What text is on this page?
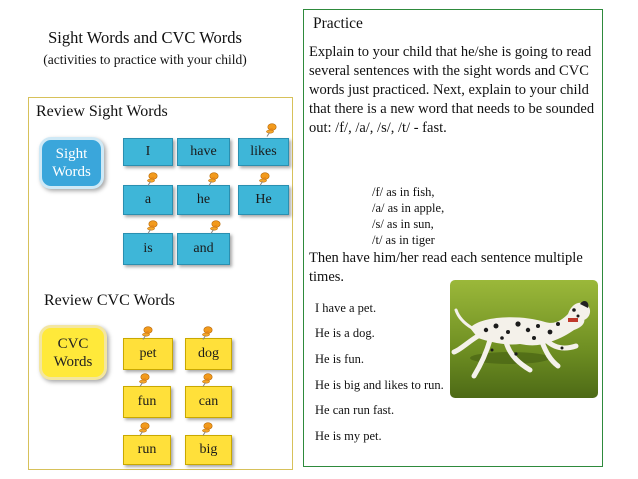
Sight Words and CVC Words
(activities to practice with your child)
Review Sight Words
Sight Words
I	have	likes
a	he	He
is	and
Review CVC Words
CVC Words	pet	dog
fun	can
run	big
Practice
Explain to your child that he/she is going to read several sentences with the sight words and CVC words just practiced. Next, explain to your child that there is a new word that needs to be sounded out: /f/, /a/, /s/, /t/ - fast.
/f/ as in fish,
/a/ as in apple,
/s/ as in sun,
/t/ as in tiger
Then have him/her read each sentence multiple times.
I have a pet.
He is a dog.
He is fun.
He is big and likes to run.
He can run fast.
He is my pet.
